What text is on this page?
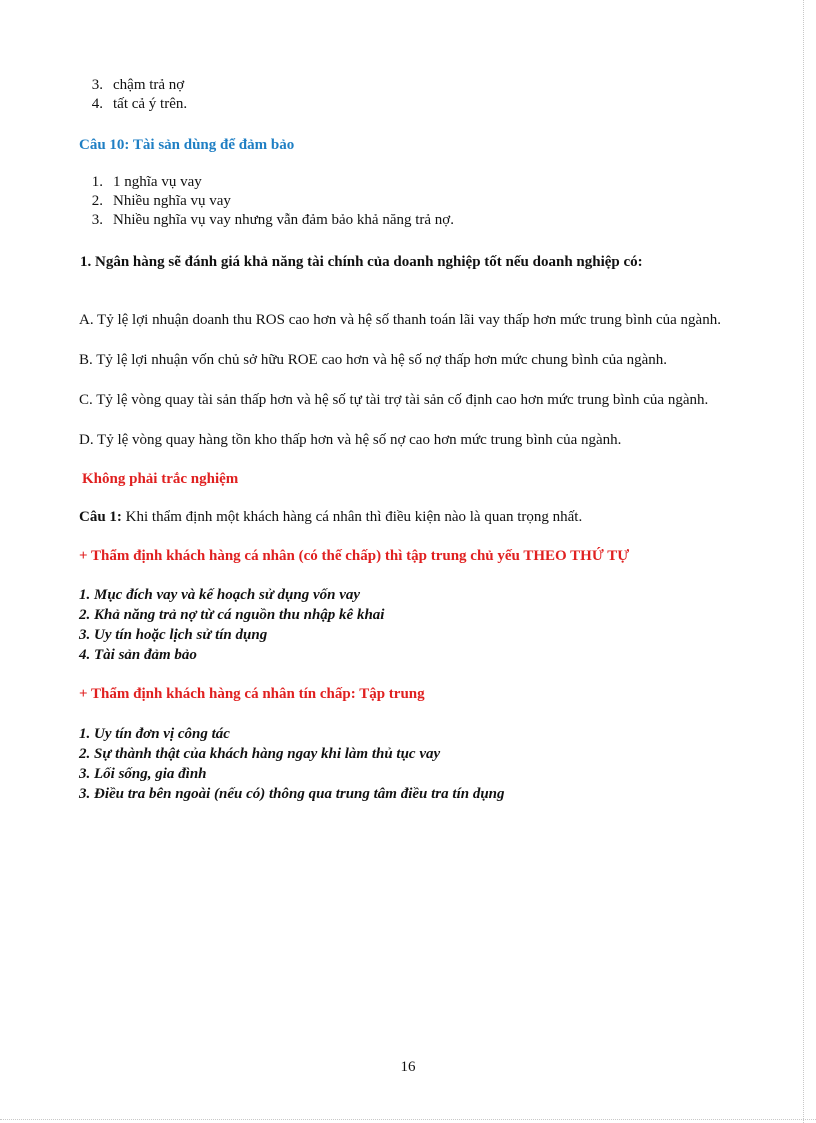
3. chậm trả nợ
4. tất cả ý trên.
Câu 10: Tài sản dùng để đảm bảo
1. 1 nghĩa vụ vay
2. Nhiều nghĩa vụ vay
3. Nhiều nghĩa vụ vay nhưng vẫn đảm bảo khả năng trả nợ.
1. Ngân hàng sẽ đánh giá khả năng tài chính của doanh nghiệp tốt nếu doanh nghiệp có:
A. Tỷ lệ lợi nhuận doanh thu ROS cao hơn và hệ số thanh toán lãi vay thấp hơn mức trung bình của ngành.
B. Tỷ lệ lợi nhuận vốn chủ sở hữu ROE cao hơn và hệ số nợ thấp hơn mức chung bình của ngành.
C. Tỷ lệ vòng quay tài sản thấp hơn và hệ số tự tài trợ tài sản cố định cao hơn mức trung bình của ngành.
D. Tỷ lệ vòng quay hàng tồn kho thấp hơn và hệ số nợ cao hơn mức trung bình của ngành.
Không phải trắc nghiệm
Câu 1: Khi thẩm định một khách hàng cá nhân thì điều kiện nào là quan trọng nhất.
+ Thẩm định khách hàng cá nhân (có thế chấp) thì tập trung chủ yếu THEO THỨ TỰ
1. Mục đích vay và kế hoạch sử dụng vốn vay
2. Khả năng trả nợ từ cá nguồn thu nhập kê khai
3. Uy tín hoặc lịch sử tín dụng
4. Tài sản đảm bảo
+ Thẩm định khách hàng cá nhân tín chấp: Tập trung
1. Uy tín đơn vị công tác
2. Sự thành thật của khách hàng ngay khi làm thủ tục vay
3. Lối sống, gia đình
3. Điều tra bên ngoài (nếu có) thông qua trung tâm điều tra tín dụng
16
